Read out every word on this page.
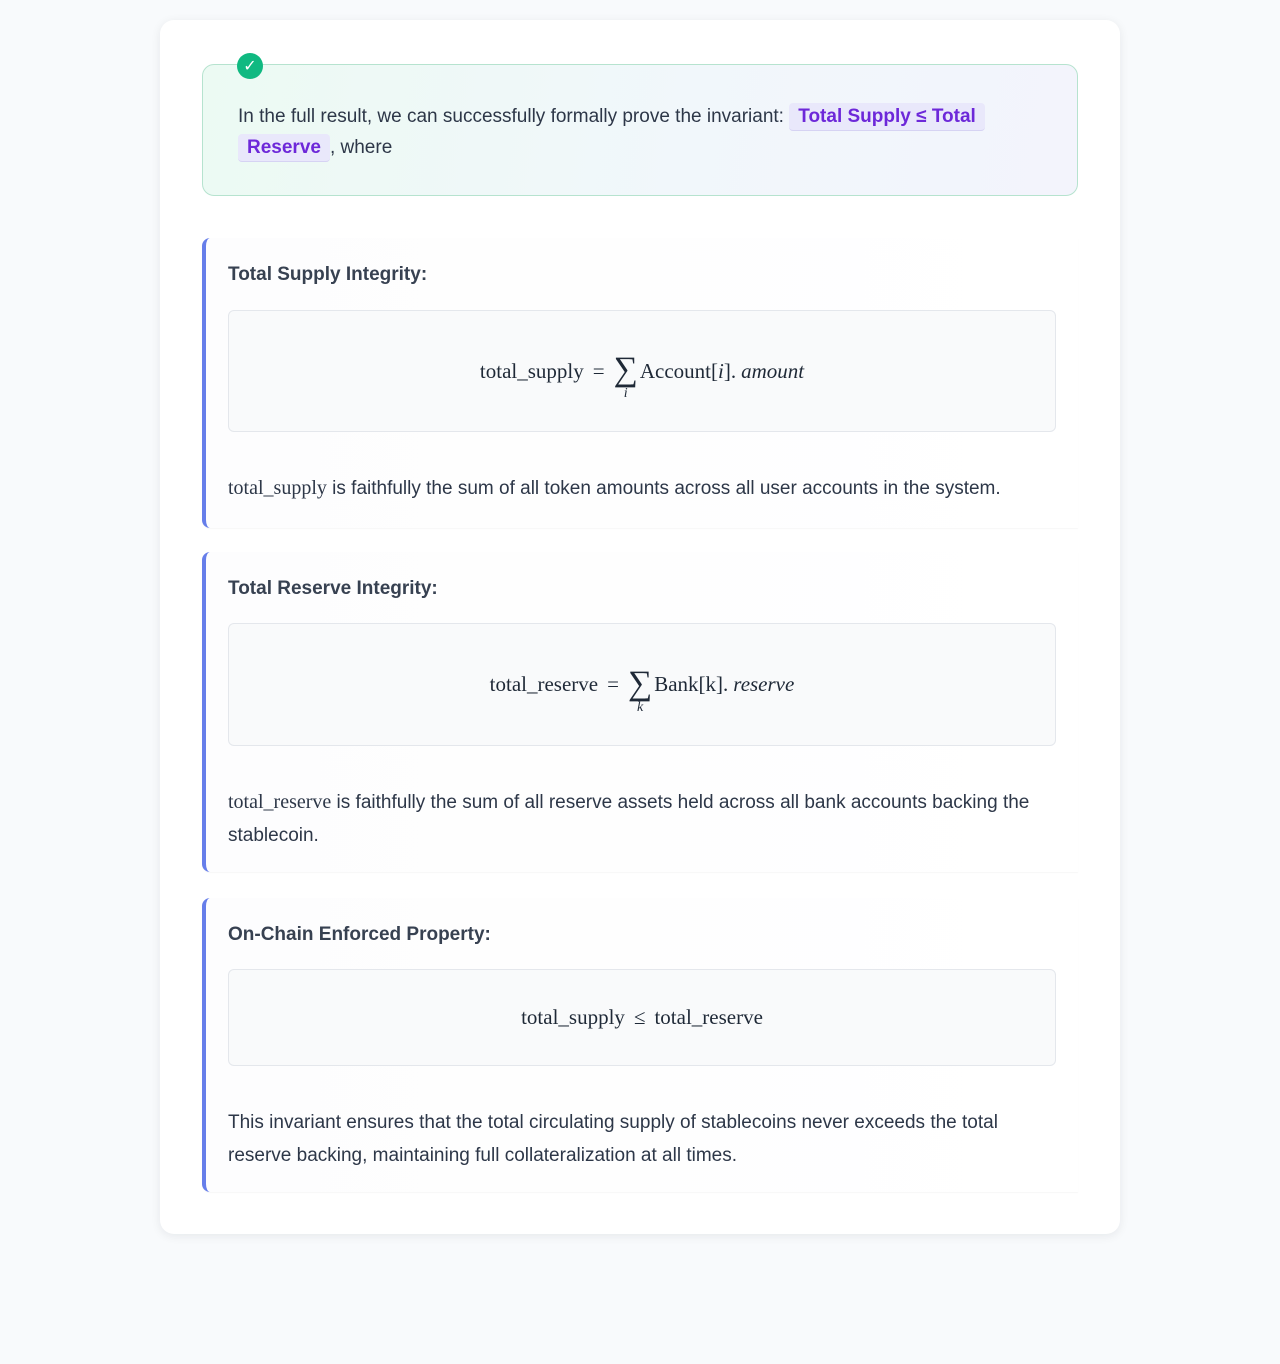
✓
In the full result, we can successfully formally prove the invariant: Total Supply ≤ Total Reserve , where
Total Supply Integrity:
total_supply = ∑
i
Account [ i ] . amount

total_supply is faithfully the sum of all token amounts across all user accounts in the system.

Total Reserve Integrity:
total_reserve = ∑
k
Bank [ k ] . reserve

total_reserve is faithfully the sum of all reserve assets held across all bank accounts backing the stablecoin.

On-Chain Enforced Property:
total_supply ≤ total_reserve

This invariant ensures that the total circulating supply of stablecoins never exceeds the total reserve backing, maintaining full collateralization at all times.
